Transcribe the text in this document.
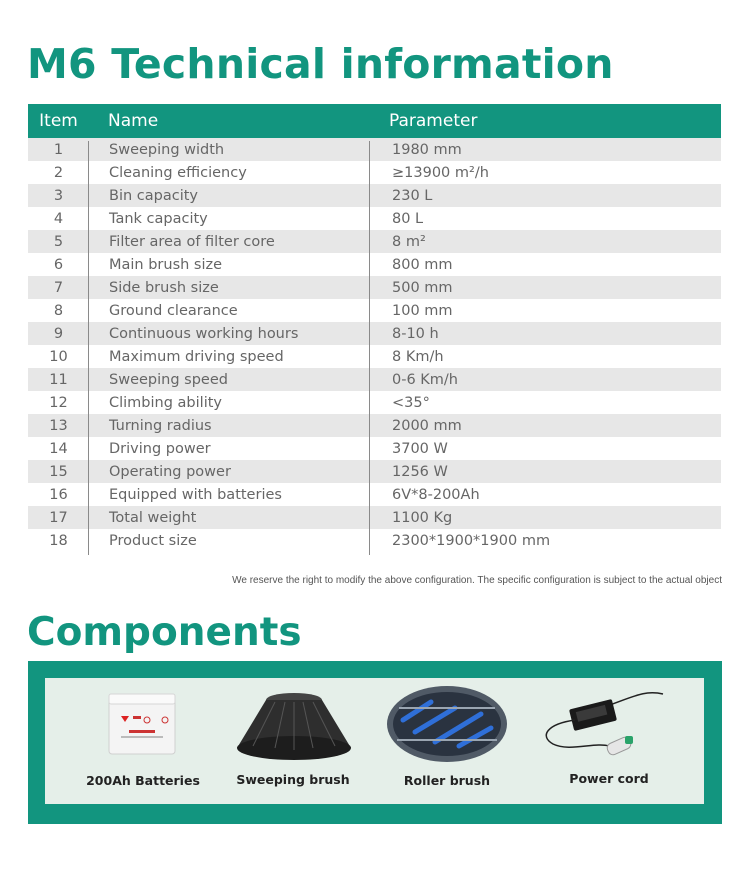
M6 Technical information
Item	Name	Parameter
1	Sweeping width	1980 mm
2	Cleaning efficiency	≥13900 m²/h
3	Bin capacity	230 L
4	Tank capacity	80 L
5	Filter area of filter core	8 m²
6	Main brush size	800 mm
7	Side brush size	500 mm
8	Ground clearance	100 mm
9	Continuous working hours	8-10 h
10	Maximum driving speed	8 Km/h
11	Sweeping speed	0-6 Km/h
12	Climbing ability	<35°
13	Turning radius	2000 mm
14	Driving power	3700 W
15	Operating power	1256 W
16	Equipped with batteries	6V*8-200Ah
17	Total weight	1100 Kg
18	Product size	2300*1900*1900 mm
We reserve the right to modify the above configuration. The specific configuration is subject to the actual object
Components
200Ah Batteries	Sweeping brush	Roller brush	Power cord
